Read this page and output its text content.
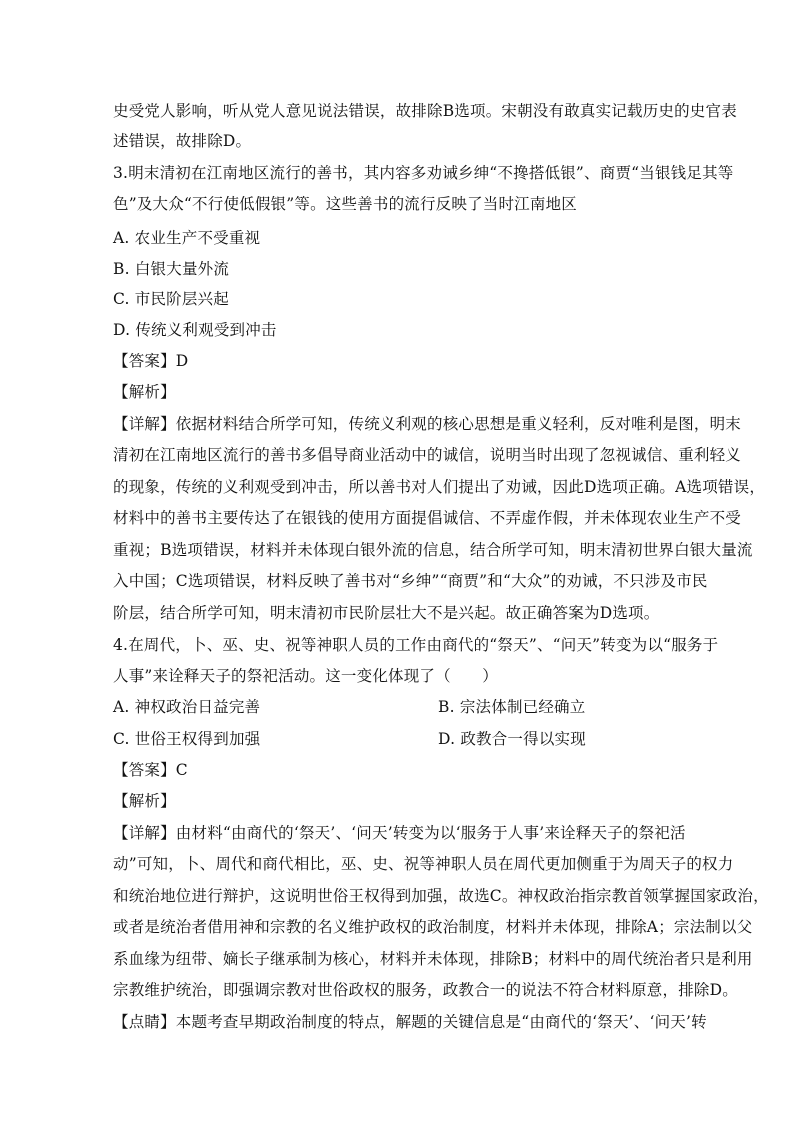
史受党人影响，听从党人意见说法错误，故排除B选项。宋朝没有敢真实记载历史的史官表
述错误，故排除D。
3.明末清初在江南地区流行的善书，其内容多劝诫乡绅“不搀搭低银”、商贾“当银钱足其等
色”及大众“不行使低假银”等。这些善书的流行反映了当时江南地区
A. 农业生产不受重视
B. 白银大量外流
C. 市民阶层兴起
D. 传统义利观受到冲击
【答案】D
【解析】
【详解】依据材料结合所学可知，传统义利观的核心思想是重义轻利，反对唯利是图，明末
清初在江南地区流行的善书多倡导商业活动中的诚信，说明当时出现了忽视诚信、重利轻义
的现象，传统的义利观受到冲击，所以善书对人们提出了劝诫，因此D选项正确。A选项错误，
材料中的善书主要传达了在银钱的使用方面提倡诚信、不弄虚作假，并未体现农业生产不受
重视；B选项错误，材料并未体现白银外流的信息，结合所学可知，明末清初世界白银大量流
入中国；C选项错误，材料反映了善书对“乡绅”“商贾”和“大众”的劝诫，不只涉及市民
阶层，结合所学可知，明末清初市民阶层壮大不是兴起。故正确答案为D选项。
4.在周代，卜、巫、史、祝等神职人员的工作由商代的“祭天”、“问天”转变为以“服务于
人事”来诠释天子的祭祀活动。这一变化体现了（　　）
A. 神权政治日益完善	B. 宗法体制已经确立
C. 世俗王权得到加强	D. 政教合一得以实现
【答案】C
【解析】
【详解】由材料“由商代的‘祭天’、‘问天’转变为以‘服务于人事’来诠释天子的祭祀活
动”可知，卜、周代和商代相比，巫、史、祝等神职人员在周代更加侧重于为周天子的权力
和统治地位进行辩护，这说明世俗王权得到加强，故选C。神权政治指宗教首领掌握国家政治，
或者是统治者借用神和宗教的名义维护政权的政治制度，材料并未体现，排除A；宗法制以父
系血缘为纽带、嫡长子继承制为核心，材料并未体现，排除B；材料中的周代统治者只是利用
宗教维护统治，即强调宗教对世俗政权的服务，政教合一的说法不符合材料原意，排除D。
【点睛】本题考查早期政治制度的特点，解题的关键信息是“由商代的‘祭天’、‘问天’转
